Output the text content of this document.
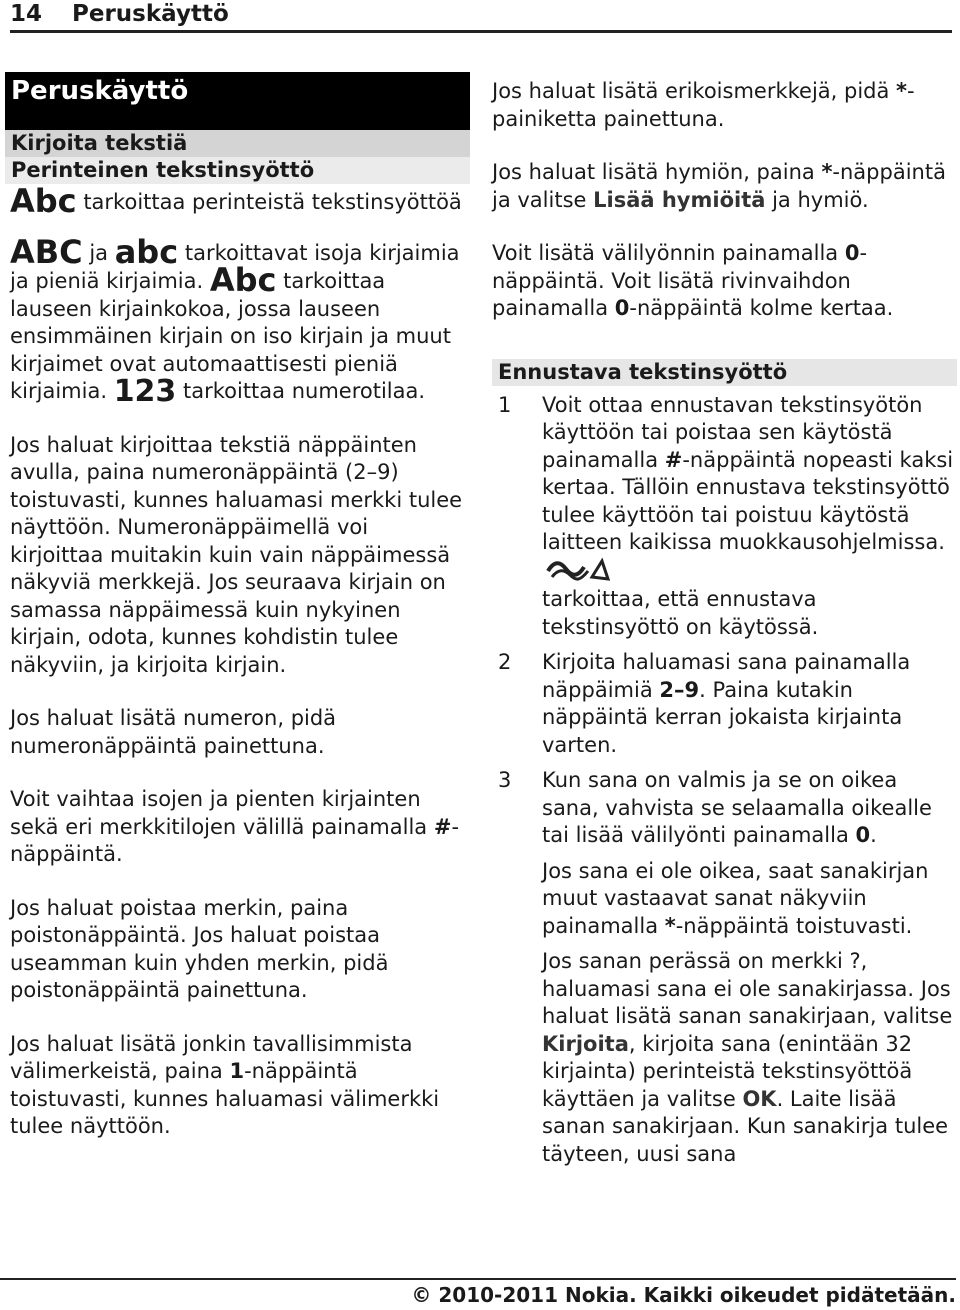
14 Peruskäyttö
Peruskäyttö
Kirjoita tekstiä
Perinteinen tekstinsyöttö

Abc tarkoittaa perinteistä tekstinsyöttöä

ABC ja abc tarkoittavat isoja kirjaimia ja pieniä kirjaimia. Abc tarkoittaa lauseen kirjainkokoa, jossa lauseen ensimmäinen kirjain on iso kirjain ja muut kirjaimet ovat automaattisesti pieniä kirjaimia. 123 tarkoittaa numerotilaa.

Jos haluat kirjoittaa tekstiä näppäinten avulla, paina numeronäppäintä (2–9) toistuvasti, kunnes haluamasi merkki tulee näyttöön. Numeronäppäimellä voi kirjoittaa muitakin kuin vain näppäimessä näkyviä merkkejä. Jos seuraava kirjain on samassa näppäimessä kuin nykyinen kirjain, odota, kunnes kohdistin tulee näkyviin, ja kirjoita kirjain.

Jos haluat lisätä numeron, pidä numeronäppäintä painettuna.

Voit vaihtaa isojen ja pienten kirjainten sekä eri merkkitilojen välillä painamalla #-näppäintä.

Jos haluat poistaa merkin, paina poistonäppäintä. Jos haluat poistaa useamman kuin yhden merkin, pidä poistonäppäintä painettuna.

Jos haluat lisätä jonkin tavallisimmista välimerkeistä, paina 1-näppäintä toistuvasti, kunnes haluamasi välimerkki tulee näyttöön.

Jos haluat lisätä erikoismerkkejä, pidä *-painiketta painettuna.

Jos haluat lisätä hymiön, paina *-näppäintä ja valitse Lisää hymiöitä ja hymiö.

Voit lisätä välilyönnin painamalla 0-näppäintä. Voit lisätä rivinvaihdon painamalla 0-näppäintä kolme kertaa.

Ennustava tekstinsyöttö
1 Voit ottaa ennustavan tekstinsyötön käyttöön tai poistaa sen käytöstä painamalla #-näppäintä nopeasti kaksi kertaa. Tällöin ennustava tekstinsyöttö tulee käyttöön tai poistuu käytöstä laitteen kaikissa muokkausohjelmissa.
tarkoittaa, että ennustava tekstinsyöttö on käytössä.

2 Kirjoita haluamasi sana painamalla näppäimiä 2–9. Paina kutakin näppäintä kerran jokaista kirjainta varten.

3 Kun sana on valmis ja se on oikea sana, vahvista se selaamalla oikealle tai lisää välilyönti painamalla 0.

Jos sana ei ole oikea, saat sanakirjan muut vastaavat sanat näkyviin painamalla *-näppäintä toistuvasti.

Jos sanan perässä on merkki ?, haluamasi sana ei ole sanakirjassa. Jos haluat lisätä sanan sanakirjaan, valitse Kirjoita, kirjoita sana (enintään 32 kirjainta) perinteistä tekstinsyöttöä käyttäen ja valitse OK. Laite lisää sanan sanakirjaan. Kun sanakirja tulee täyteen, uusi sana

© 2010-2011 Nokia. Kaikki oikeudet pidätetään.
